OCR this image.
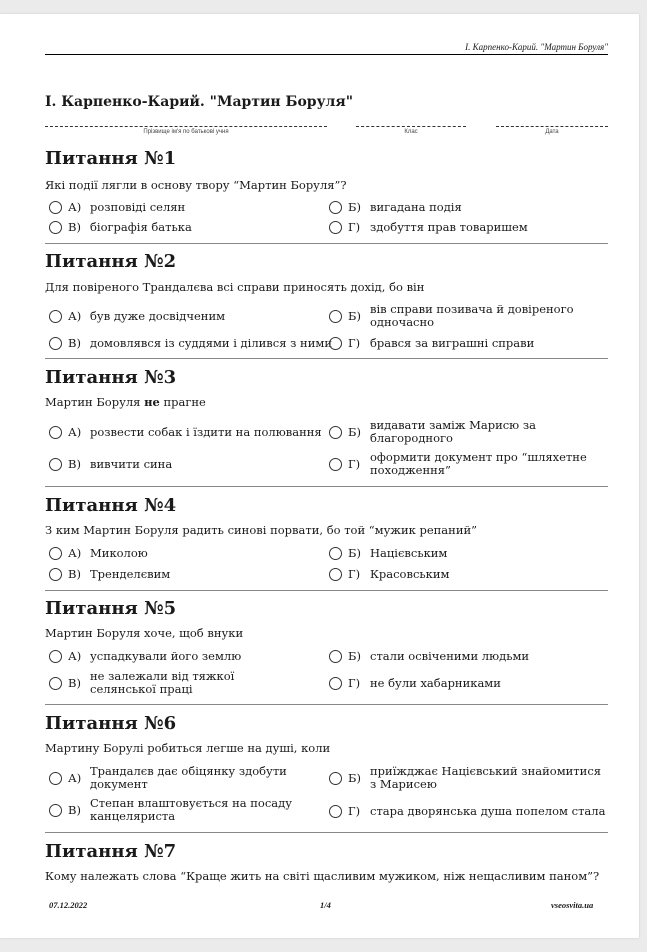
І. Карпенко-Карий. "Мартин Боруля"
І. Карпенко-Карий. "Мартин Боруля"
Прізвище ім'я по батькові учня	Клас	Дата
Питання №1
Які події лягли в основу твору “Мартин Боруля”?
А) розповіді селян	Б) вигадана подія
В) біографія батька	Г) здобуття прав товаришем
Питання №2
Для повіреного Трандалєва всі справи приносять дохід, бо він
А) був дуже досвідченим	Б) вів справи позивача й довіреного одночасно
В) домовлявся із суддями і ділився з ними Г) брався за виграшні справи
Питання №3
Мартин Боруля не прагне
А) розвести собак і їздити на полювання Б) видавати заміж Марисю за благородного
В) вивчити сина	Г) оформити документ про “шляхетне походження”
Питання №4
З ким Мартин Боруля радить синові порвати, бо той “мужик репаний”
А) Миколою	Б) Націєвським
В) Тренделєвим	Г) Красовським
Питання №5
Мартин Боруля хоче, щоб внуки
А) успадкували його землю	Б) стали освіченими людьми
В) не залежали від тяжкої селянської праці	Г) не були хабарниками
Питання №6
Мартину Борулі робиться легше на душі, коли
А) Трандалєв дає обіцянку здобути документ	Б) приїжджає Націєвський знайомитися з Марисею
В) Степан влаштовується на посаду канцеляриста	Г) стара дворянська душа попелом стала
Питання №7
Кому належать слова “Краще жить на світі щасливим мужиком, ніж нещасливим паном”?
07.12.2022	1/4	vseosvita.ua
